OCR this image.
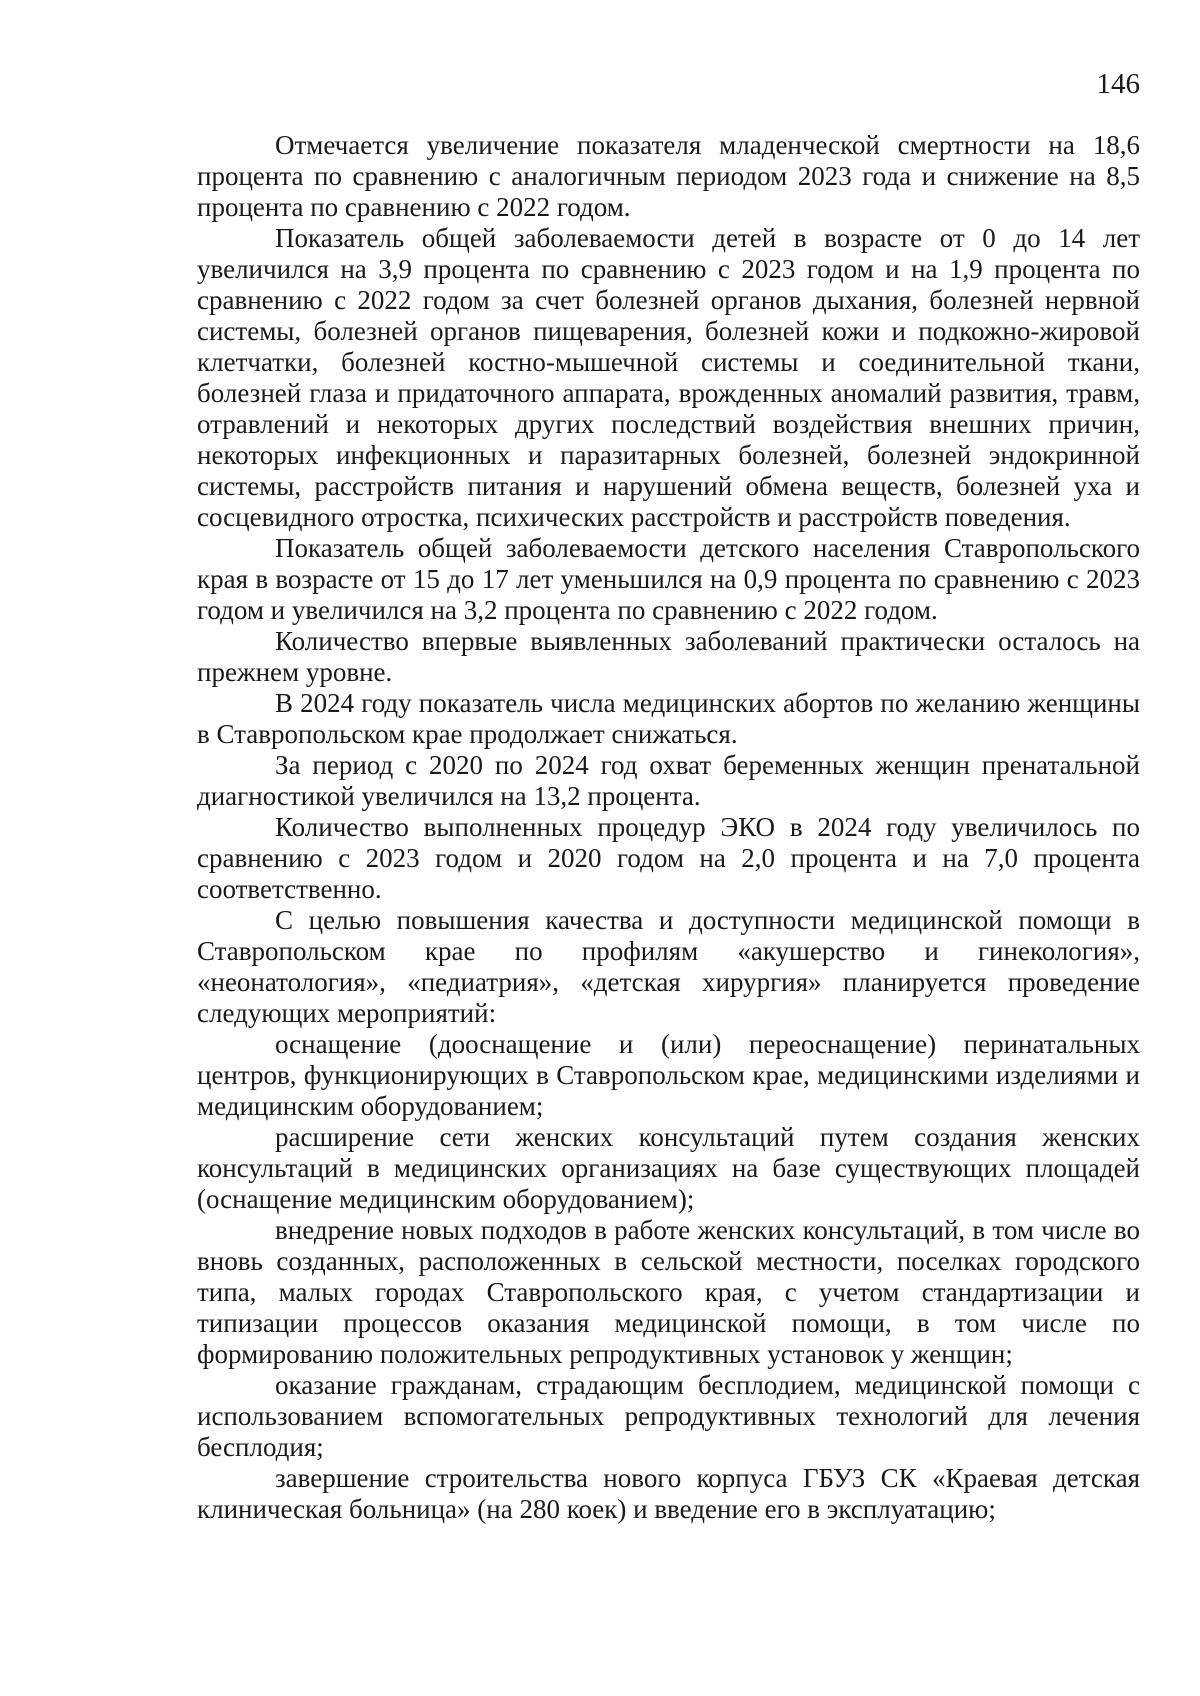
146

Отмечается увеличение показателя младенческой смертности на 18,6 процента по сравнению с аналогичным периодом 2023 года и снижение на 8,5 процента по сравнению с 2022 годом.

Показатель общей заболеваемости детей в возрасте от 0 до 14 лет увеличился на 3,9 процента по сравнению с 2023 годом и на 1,9 процента по сравнению с 2022 годом за счет болезней органов дыхания, болезней нервной системы, болезней органов пищеварения, болезней кожи и подкожно-жировой клетчатки, болезней костно-мышечной системы и соединительной ткани, болезней глаза и придаточного аппарата, врожденных аномалий развития, травм, отравлений и некоторых других последствий воздействия внешних причин, некоторых инфекционных и паразитарных болезней, болезней эндокринной системы, расстройств питания и нарушений обмена веществ, болезней уха и сосцевидного отростка, психических расстройств и расстройств поведения.

Показатель общей заболеваемости детского населения Ставропольского края в возрасте от 15 до 17 лет уменьшился на 0,9 процента по сравнению с 2023 годом и увеличился на 3,2 процента по сравнению с 2022 годом.

Количество впервые выявленных заболеваний практически осталось на прежнем уровне.

В 2024 году показатель числа медицинских абортов по желанию женщины в Ставропольском крае продолжает снижаться.

За период с 2020 по 2024 год охват беременных женщин пренатальной диагностикой увеличился на 13,2 процента.

Количество выполненных процедур ЭКО в 2024 году увеличилось по сравнению с 2023 годом и 2020 годом на 2,0 процента и на 7,0 процента соответственно.

С целью повышения качества и доступности медицинской помощи в Ставропольском крае по профилям «акушерство и гинекология», «неонатология», «педиатрия», «детская хирургия» планируется проведение следующих мероприятий:

оснащение (дооснащение и (или) переоснащение) перинатальных центров, функционирующих в Ставропольском крае, медицинскими изделиями и медицинским оборудованием;

расширение сети женских консультаций путем создания женских консультаций в медицинских организациях на базе существующих площадей (оснащение медицинским оборудованием);

внедрение новых подходов в работе женских консультаций, в том числе во вновь созданных, расположенных в сельской местности, поселках городского типа, малых городах Ставропольского края, с учетом стандартизации и типизации процессов оказания медицинской помощи, в том числе по формированию положительных репродуктивных установок у женщин;

оказание гражданам, страдающим бесплодием, медицинской помощи с использованием вспомогательных репродуктивных технологий для лечения бесплодия;

завершение строительства нового корпуса ГБУЗ СК «Краевая детская клиническая больница» (на 280 коек) и введение его в эксплуатацию;
